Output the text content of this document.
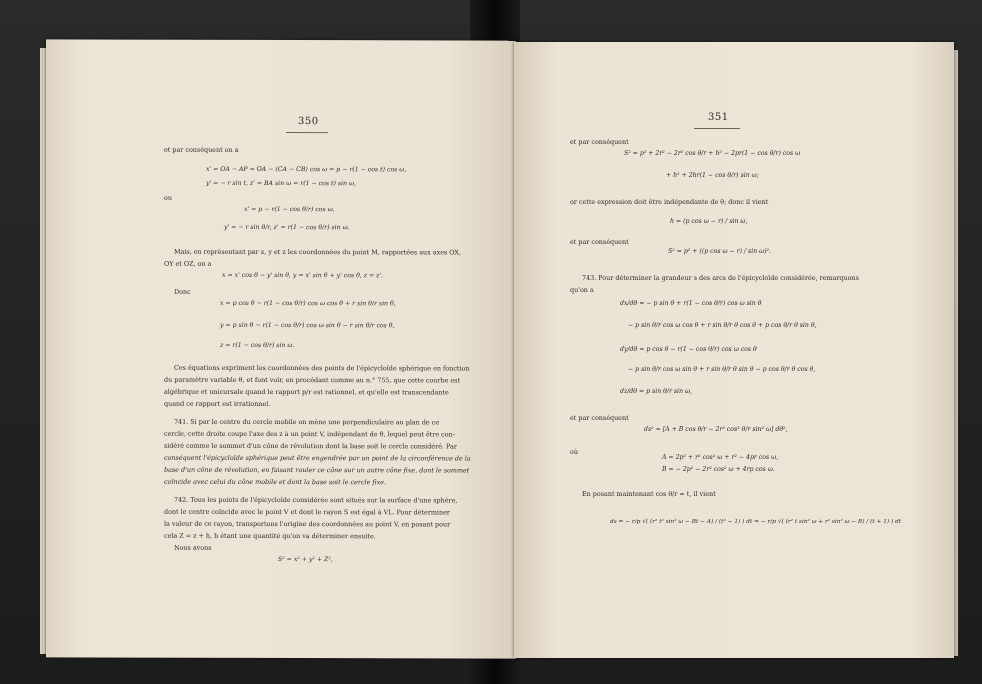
350
et par conséquent on a
x' = OA − AP = OA − (CA − CB) cos ω = p − r(1 − cos t) cos ω,
y' = − r sin t, z' = BA sin ω = r(1 − cos t) sin ω,
ou
x' = p − r(1 − cos θ/r) cos ω,
y' = − r sin θ/r, z' = r(1 − cos θ/r) sin ω.
Mais, en représentant par x, y et z les coordonnées du point M, rapportées aux axes OX,
OY et OZ, on a
x = x' cos θ − y' sin θ, y = x' sin θ + y' cos θ, z = z'.
Donc
x = p cos θ − r(1 − cos θ/r) cos ω cos θ + r sin θ/r sin θ,
y = p sin θ − r(1 − cos θ/r) cos ω sin θ − r sin θ/r cos θ,
z = r(1 − cos θ/r) sin ω.
Ces équations expriment les coordonnées des points de l'épicycloïde sphérique en fonction
du paramètre variable θ, et font voir, en procédant comme au n.° 755, que cette courbe est
algébrique et unicursale quand le rapport p/r est rationnel, et qu'elle est transcendante
quand ce rapport est irrationnel.
741. Si par le centre du cercle mobile on mène une perpendiculaire au plan de ce
cercle, cette droite coupe l'axe des z à un point V, indépendant de θ, lequel peut être con-
sidéré comme le sommet d'un cône de révolution dont la base soit le cercle considéré. Par
conséquent l'épicycloïde sphérique peut être engendrée par un point de la circonférence de la
base d'un cône de révolution, en faisant rouler ce cône sur un autre cône fixe, dont le sommet
coïncide avec celui du cône mobile et dont la base soit le cercle fixe.
742. Tous les points de l'épicycloïde considérée sont situés sur la surface d'une sphère,
dont le centre coïncide avec le point V et dont le rayon S est égal à VL. Pour déterminer
la valeur de ce rayon, transportons l'origine des coordonnées au point V, en posant pour
cela Z = z + h, h étant une quantité qu'on va déterminer ensuite.
Nous avons
S² = x² + y² + Z²,
351
et par conséquent
S² = p² + 2r² − 2r² cos θ/r + h² − 2pr(1 − cos θ/r) cos ω
+ h² + 2hr(1 − cos θ/r) sin ω;
or cette expression doit être indépendante de θ; donc il vient
h = (p cos ω − r) / sin ω,
et par conséquent
S² = p² + ((p cos ω − r) / sin ω)².
743. Pour déterminer la grandeur s des arcs de l'épicycloïde considérée, remarquons
qu'on a
dx/dθ = − p sin θ + r(1 − cos θ/r) cos ω sin θ
− p sin θ/r cos ω cos θ + r sin θ/r θ cos θ + p cos θ/r θ sin θ,
dy/dθ = p cos θ − r(1 − cos θ/r) cos ω cos θ
− p sin θ/r cos ω sin θ + r sin θ/r θ sin θ − p cos θ/r θ cos θ,
dz/dθ = p sin θ/r sin ω,
et par conséquent
ds² = [A + B cos θ/r − 2r² cos² θ/r sin² ω] dθ²,
où
A = 2p² + r² cos² ω + r² − 4pr cos ω,
B = − 2p² − 2r² cos² ω + 4rp cos ω.
En posant maintenant cos θ/r = t, il vient
ds = − r/p √( (r² t² sin² ω − Bt − A) / (t² − 1) ) dt = − r/p √( (r² t sin² ω + r² sin² ω − B) / (t + 1) ) dt
